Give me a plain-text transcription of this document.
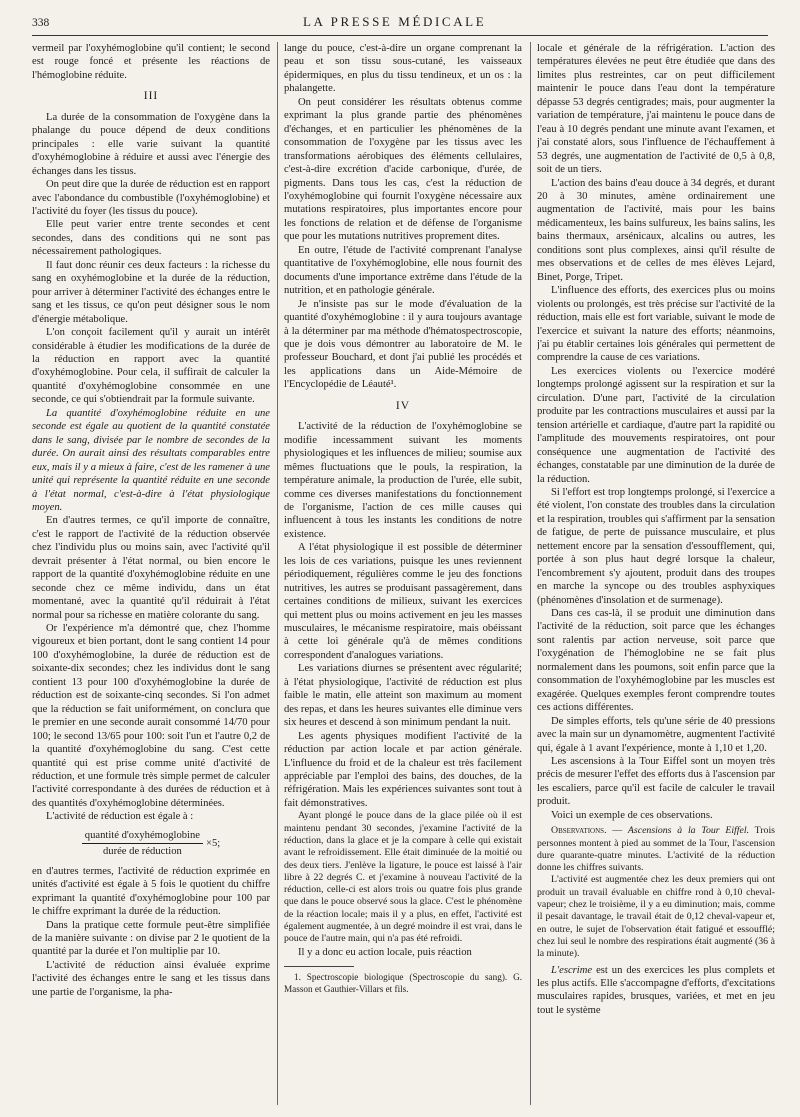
338	LA PRESSE MÉDICALE

vermeil par l'oxyhémoglobine qu'il contient; le second est rouge foncé et présente les réactions de l'hémoglobine réduite.

III

La durée de la consommation de l'oxygène dans la phalange du pouce dépend de deux conditions principales : elle varie suivant la quantité d'oxyhémoglobine à réduire et aussi avec l'énergie des échanges dans les tissus.

On peut dire que la durée de réduction est en rapport avec l'abondance du combustible (l'oxyhémoglobine) et l'activité du foyer (les tissus du pouce).

Elle peut varier entre trente secondes et cent secondes, dans des conditions qui ne sont pas nécessairement pathologiques.

Il faut donc réunir ces deux facteurs : la richesse du sang en oxyhémoglobine et la durée de la réduction, pour arriver à déterminer l'activité des échanges entre le sang et les tissus, ce qu'on peut désigner sous le nom d'énergie métabolique.

L'on conçoit facilement qu'il y aurait un intérêt considérable à étudier les modifications de la durée de la réduction en rapport avec la quantité d'oxyhémoglobine. Pour cela, il suffirait de calculer la quantité d'oxyhémoglobine consommée en une seconde, ce qui s'obtiendrait par la formule suivante.

La quantité d'oxyhémoglobine réduite en une seconde est égale au quotient de la quantité constatée dans le sang, divisée par le nombre de secondes de la durée. On aurait ainsi des résultats comparables entre eux, mais il y a mieux à faire, c'est de les ramener à une unité qui représente la quantité réduite en une seconde à l'état normal, c'est-à-dire à l'état physiologique moyen.

En d'autres termes, ce qu'il importe de connaître, c'est le rapport de l'activité de la réduction observée chez l'individu plus ou moins sain, avec l'activité qu'il devrait présenter à l'état normal, ou bien encore le rapport de la quantité d'oxyhémoglobine réduite en une seconde chez ce même individu, dans un état momentané, avec la quantité qu'il réduirait à l'état normal pour sa richesse en matière colorante du sang.

Or l'expérience m'a démontré que, chez l'homme vigoureux et bien portant, dont le sang contient 14 pour 100 d'oxyhémoglobine, la durée de réduction est de soixante-dix secondes; chez les individus dont le sang contient 13 pour 100 d'oxyhémoglobine la durée de réduction est de soixante-cinq secondes. Si l'on admet que la réduction se fait uniformément, on conclura que le premier en une seconde aurait consommé 14/70 pour 100; le second 13/65 pour 100: soit l'un et l'autre 0,2 de la quantité d'oxyhémoglobine du sang. C'est cette quantité qui est prise comme unité d'activité de réduction, et une formule très simple permet de calculer l'activité correspondante à des durées de réduction et à des quantités d'oxyhémoglobine déterminées.

L'activité de réduction est égale à :

$\frac{\text{quantité d'oxyhémoglobine}}{\text{durée de réduction}} \times 5$;

en d'autres termes, l'activité de réduction exprimée en unités d'activité est égale à 5 fois le quotient du chiffre exprimant la quantité d'oxyhémoglobine pour 100 par le chiffre exprimant la durée de la réduction.

Dans la pratique cette formule peut-être simplifiée de la manière suivante : on divise par 2 le quotient de la quantité par la durée et l'on multiplie par 10.

L'activité de réduction ainsi évaluée exprime l'activité des échanges entre le sang et les tissus dans une partie de l'organisme, la pha-

lange du pouce, c'est-à-dire un organe comprenant la peau et son tissu sous-cutané, les vaisseaux épidermiques, en plus du tissu tendineux, et un os : la phalangette.

On peut considérer les résultats obtenus comme exprimant la plus grande partie des phénomènes d'échanges, et en particulier les phénomènes de la consommation de l'oxygène par les tissus avec les transformations aérobiques des éléments cellulaires, c'est-à-dire excrétion d'acide carbonique, d'urée, de pigments. Dans tous les cas, c'est la réduction de l'oxyhémoglobine qui fournit l'oxygène nécessaire aux mutations respiratoires, plus importantes encore pour les fonctions de relation et de défense de l'organisme que pour les mutations nutritives proprement dites.

En outre, l'étude de l'activité comprenant l'analyse quantitative de l'oxyhémoglobine, elle nous fournit des documents d'une importance extrême dans l'étude de la nutrition, et en pathologie générale.

Je n'insiste pas sur le mode d'évaluation de la quantité d'oxyhémoglobine : il y aura toujours avantage à la déterminer par ma méthode d'hématospectroscopie, que je dois vous démontrer au laboratoire de M. le professeur Bouchard, et dont j'ai publié les procédés et les applications dans un Aide-Mémoire de l'Encyclopédie de Léauté¹.

IV

L'activité de la réduction de l'oxyhémoglobine se modifie incessamment suivant les moments physiologiques et les influences de milieu; soumise aux mêmes fluctuations que le pouls, la respiration, la température animale, la production de l'urée, elle subit, comme ces diverses manifestations du fonctionnement de l'organisme, l'action de ces mille causes qui influencent à tous les instants les conditions de notre existence.

A l'état physiologique il est possible de déterminer les lois de ces variations, puisque les unes reviennent périodiquement, régulières comme le jeu des fonctions nutritives, les autres se produisant passagèrement, dans certaines conditions de milieux, suivant les exercices qui mettent plus ou moins activement en jeu les masses musculaires, le mécanisme respiratoire, mais obéissant à cette loi générale qu'à de mêmes conditions correspondent d'analogues variations.

Les variations diurnes se présentent avec régularité; à l'état physiologique, l'activité de réduction est plus faible le matin, elle atteint son maximum au moment des repas, et dans les heures suivantes elle diminue vers six heures et descend à son minimum pendant la nuit.

Les agents physiques modifient l'activité de la réduction par action locale et par action générale. L'influence du froid et de la chaleur est très facilement appréciable par l'emploi des bains, des douches, de la réfrigération. Mais les expériences suivantes sont tout à fait démonstratives.

Ayant plongé le pouce dans de la glace pilée où il est maintenu pendant 30 secondes, j'examine l'activité de la réduction, dans la glace et je la compare à celle qui existait avant le refroidissement. Elle était diminuée de la moitié ou des deux tiers. J'enlève la ligature, le pouce est laissé à l'air libre à 22 degrés C. et j'examine à nouveau l'activité de la réduction, celle-ci est alors trois ou quatre fois plus grande que dans le pouce observé sous la glace. C'est le phénomène de la réaction locale; mais il y a plus, en effet, l'activité est également augmentée, à un degré moindre il est vrai, dans le pouce de l'autre main, qui n'a pas été refroidi.

Il y a donc eu action locale, puis réaction

1. Spectroscopie biologique (Spectroscopie du sang). G. Masson et Gauthier-Villars et fils.

locale et générale de la réfrigération. L'action des températures élevées ne peut être étudiée que dans des limites plus restreintes, car on peut difficilement maintenir le pouce dans l'eau dont la température dépasse 53 degrés centigrades; mais, pour augmenter la variation de température, j'ai maintenu le pouce dans de l'eau à 10 degrés pendant une minute avant l'examen, et j'ai constaté alors, sous l'influence de l'échauffement à 53 degrés, une augmentation de l'activité de 0,5 à 0,8, soit de un tiers.

L'action des bains d'eau douce à 34 degrés, et durant 20 à 30 minutes, amène ordinairement une augmentation de l'activité, mais pour les bains médicamenteux, les bains sulfureux, les bains salins, les bains thermaux, arsénicaux, alcalins ou autres, les conditions sont plus complexes, ainsi qu'il résulte de mes observations et de celles de mes élèves Lejard, Binet, Porge, Tripet.

L'influence des efforts, des exercices plus ou moins violents ou prolongés, est très précise sur l'activité de la réduction, mais elle est fort variable, suivant le mode de l'exercice et suivant la nature des efforts; néanmoins, j'ai pu établir certaines lois générales qui permettent de comprendre la cause de ces variations.

Les exercices violents ou l'exercice modéré longtemps prolongé agissent sur la respiration et sur la circulation. D'une part, l'activité de la circulation produite par les contractions musculaires et aussi par la tension artérielle et cardiaque, d'autre part la rapidité ou l'amplitude des mouvements respiratoires, ont pour conséquence une augmentation de l'activité des échanges, constatable par une diminution de la durée de la réduction.

Si l'effort est trop longtemps prolongé, si l'exercice a été violent, l'on constate des troubles dans la circulation et la respiration, troubles qui s'affirment par la sensation de fatigue, de perte de puissance musculaire, et plus nettement encore par la sensation d'essoufflement, qui, portée à son plus haut degré lorsque la chaleur, l'encombrement s'y ajoutent, produit dans des troupes en marche la syncope ou des troubles asphyxiques (phénomènes d'insolation et de surmenage).

Dans ces cas-là, il se produit une diminution dans l'activité de la réduction, soit parce que les échanges sont ralentis par action nerveuse, soit parce que l'oxygénation de l'hémoglobine ne se fait plus normalement dans les poumons, soit enfin parce que la consommation de l'oxyhémoglobine par les muscles est exagérée. Quelques exemples feront comprendre toutes ces actions différentes.

De simples efforts, tels qu'une série de 40 pressions avec la main sur un dynamomètre, augmentent l'activité qui, égale à 1 avant l'expérience, monte à 1,10 et 1,20.

Les ascensions à la Tour Eiffel sont un moyen très précis de mesurer l'effet des efforts dus à l'ascension par les escaliers, parce qu'il est facile de calculer le travail produit.

Voici un exemple de ces observations.

Observations. — Ascensions à la Tour Eiffel. Trois personnes montent à pied au sommet de la Tour, l'ascension dure quarante-quatre minutes. L'activité de la réduction donne les chiffres suivants.

L'activité est augmentée chez les deux premiers qui ont produit un travail évaluable en chiffre rond à 0,10 cheval-vapeur; chez le troisième, il y a eu diminution; mais, comme il pesait davantage, le travail était de 0,12 cheval-vapeur et, en outre, le sujet de l'observation était fatigué et essoufflé; chez lui seul le nombre des respirations était augmenté (36 à la minute).

L'escrime est un des exercices les plus complets et les plus actifs. Elle s'accompagne d'efforts, d'excitations musculaires rapides, brusques, variées, et met en jeu tout le système
